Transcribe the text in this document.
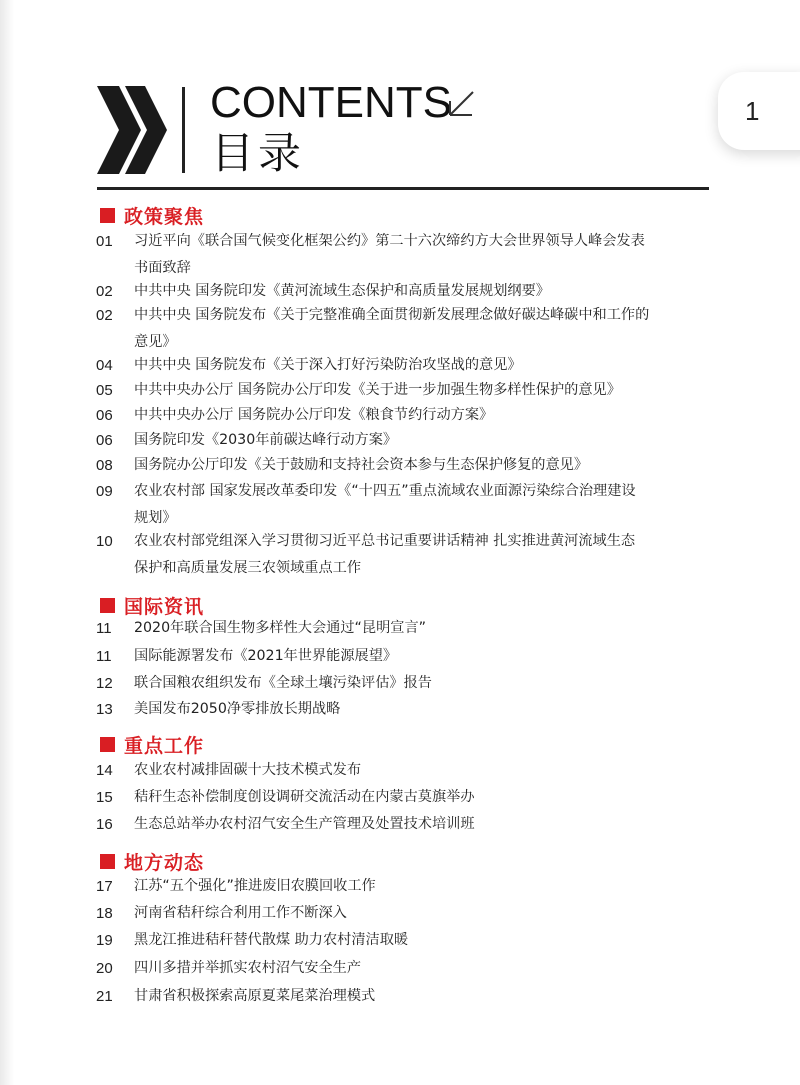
1
CONTENTS
目录
政策聚焦
01	习近平向《联合国气候变化框架公约》第二十六次缔约方大会世界领导人峰会发表
书面致辞
02	中共中央 国务院印发《黄河流域生态保护和高质量发展规划纲要》
02	中共中央 国务院发布《关于完整准确全面贯彻新发展理念做好碳达峰碳中和工作的
意见》
04	中共中央 国务院发布《关于深入打好污染防治攻坚战的意见》
05	中共中央办公厅 国务院办公厅印发《关于进一步加强生物多样性保护的意见》
06	中共中央办公厅 国务院办公厅印发《粮食节约行动方案》
06	国务院印发《2030年前碳达峰行动方案》
08	国务院办公厅印发《关于鼓励和支持社会资本参与生态保护修复的意见》
09	农业农村部 国家发展改革委印发《“十四五”重点流域农业面源污染综合治理建设
规划》
10	农业农村部党组深入学习贯彻习近平总书记重要讲话精神 扎实推进黄河流域生态
保护和高质量发展三农领域重点工作
国际资讯
11	2020年联合国生物多样性大会通过“昆明宣言”
11	国际能源署发布《2021年世界能源展望》
12	联合国粮农组织发布《全球土壤污染评估》报告
13	美国发布2050净零排放长期战略
重点工作
14	农业农村减排固碳十大技术模式发布
15	秸秆生态补偿制度创设调研交流活动在内蒙古莫旗举办
16	生态总站举办农村沼气安全生产管理及处置技术培训班
地方动态
17	江苏“五个强化”推进废旧农膜回收工作
18	河南省秸秆综合利用工作不断深入
19	黑龙江推进秸秆替代散煤 助力农村清洁取暖
20	四川多措并举抓实农村沼气安全生产
21	甘肃省积极探索高原夏菜尾菜治理模式
